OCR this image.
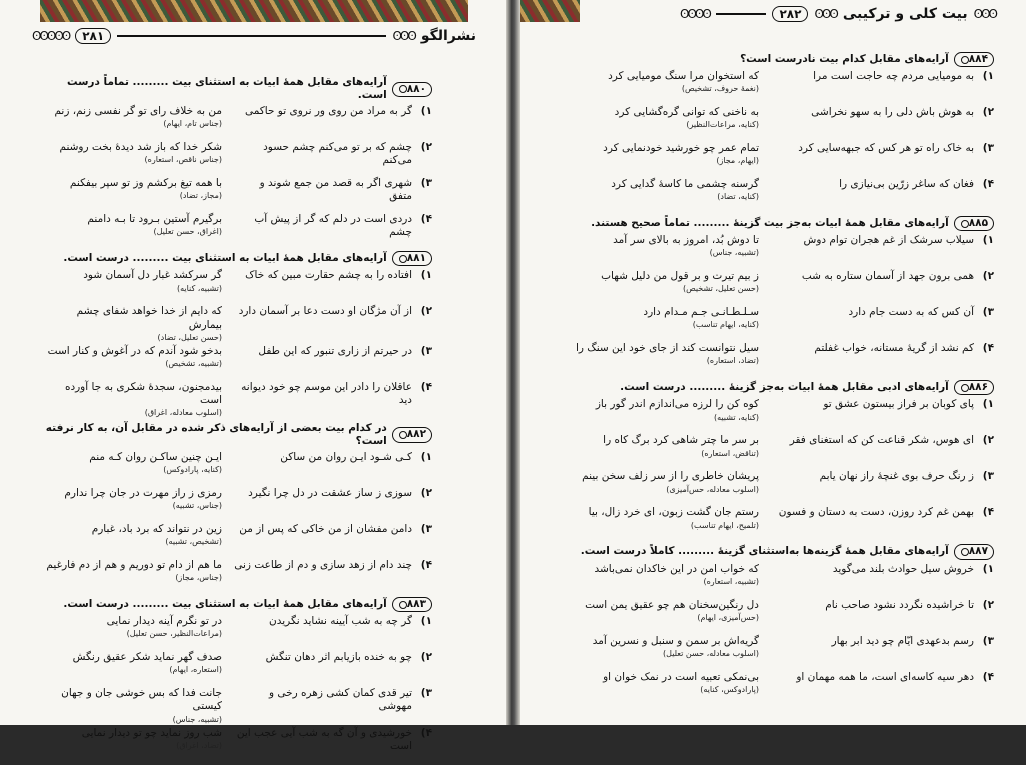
نشرالگو
ʘʘʘ
۲۸۱
ʘʘʘʘʘ
۸۸۰
آرایه‌های مقابل همهٔ ابیات به استثنای بیت ......... تماماً درست است.
۱)
گر به مراد من روی ور نروی تو حاکمی
من به خلاف رای تو گر نفسی زنم، زنم
(جناس تام، ایهام)
۲)
چشم که بر تو می‌کنم چشم حسود می‌کنم
شکر خدا که باز شد دیدهٔ بخت روشنم
(جناس ناقص، استعاره)
۳)
شهری اگر به قصد من جمع شوند و متفق
با همه تیغ برکشم وز تو سپر بیفکنم
(مجاز، تضاد)
۴)
دردی است در دلم که گر از پیش آب چشم
برگیرم آستین بـرود تا بـه دامنم
(اغراق، حسن تعلیل)
۸۸۱
آرایه‌های مقابل همهٔ ابیات به استثنای بیت ......... درست است.
۱)
افتاده را به چشم حقارت مبین که خاک
گر سرکشد غبار دل آسمان شود
(تشبیه، کنایه)
۲)
از آن مژگان او دست دعا بر آسمان دارد
که دایم از خدا خواهد شفای چشم بیمارش
(حسن تعلیل، تضاد)
۳)
در حیرتم از زاری تنبور که این طفل
بدخو شود آندم که در آغوش و کنار است
(تشبیه، تشخیص)
۴)
عاقلان را دادر این موسم چو خود دیوانه دید
بیدمجنون، سجدهٔ شکری به جا آورده است
(اسلوب معادله، اغراق)
۸۸۲
در کدام بیت بعضی از آرایه‌های ذکر شده در مقابل آن، به کار نرفته است؟
۱)
کـی شـود ایـن روان من ساکن
ایـن چنین ساکـن روان کـه منم
(کنایه، پارادوکس)
۲)
سوزی ز ساز عشقت در دل چرا نگیرد
رمزی ز راز مهرت در جان چرا ندارم
(جناس، تشبیه)
۳)
دامن مفشان از من خاکی که پس از من
زین در نتواند که برد باد، غبارم
(تشخیص، تشبیه)
۴)
چند دام از زهد سازی و دم از طاعت زنی
ما هم از دام تو دوریم و هم از دم فارغیم
(جناس، مجاز)
۸۸۳
آرایه‌های مقابل همهٔ ابیات به استثنای بیت ......... درست است.
۱)
گر چه به شب آیینه نشاید نگریدن
در تو نگرم آینه دیدار نمایی
(مراعات‌النظیر، حسن تعلیل)
۲)
چو به خنده بازیابم اثر دهان تنگش
صدف گهر نماید شکر عقیق رنگش
(استعاره، ایهام)
۳)
تیر قدی کمان کشی زهره رخی و مهوشی
جانت فدا که بس خوشی جان و جهان کیستی
(تشبیه، جناس)
۴)
خورشیدی و آن گه به شب آیی عجب این است
شب روز نماید چو تو دیدار نمایی
(تضاد، اغراق)
ʘʘʘ
بیت کلی و ترکیبی
ʘʘʘ
۲۸۲
ʘʘʘʘ
۸۸۴
آرایه‌های مقابل کدام بیت نادرست است؟
۱)
به مومیایی مردم چه حاجت است مرا
که استخوان مرا سنگ مومیایی کرد
(نغمهٔ حروف، تشخیص)
۲)
به هوش باش دلی را به سهو نخراشی
به ناخنی که توانی گره‌گشایی کرد
(کنایه، مراعات‌النظیر)
۳)
به خاک راه تو هر کس که جبهه‌سایی کرد
تمام عمر چو خورشید خودنمایی کرد
(ایهام، مجاز)
۴)
فغان که ساغر زرّین بی‌نیازی را
گرسنه چشمی ما کاسهٔ گدایی کرد
(کنایه، تضاد)
۸۸۵
آرایه‌های مقابل همهٔ ابیات به‌جز بیت گزینهٔ ......... تماماً صحیح هستند.
۱)
سیلاب سرشک از غم هجران توام دوش
تا دوش بُد، امروز به بالای سر آمد
(تشبیه، جناس)
۲)
همی برون جهد از آسمان ستاره به شب
ز بیم تیرت و بر قول من دلیل شهاب
(حسن تعلیل، تشخیص)
۳)
آن کس که به دست جام دارد
سـلـطـانـی جـم مـدام دارد
(کنایه، ایهام تناسب)
۴)
کم نشد از گریهٔ مستانه، خواب غفلتم
سیل نتوانست کند از جای خود این سنگ را
(تضاد، استعاره)
۸۸۶
آرایه‌های ادبی مقابل همهٔ ابیات به‌جز گزینهٔ ......... درست است.
۱)
پای کوبان بر فراز بیستون عشق تو
کوه کن را لرزه می‌اندازم اندر گور باز
(کنایه، تشبیه)
۲)
ای هوس، شکر قناعت کن که استغنای فقر
بر سر ما چتر شاهی کرد برگ کاه را
(تناقض، استعاره)
۳)
ز رنگ حرف بوی غنچهٔ راز نهان یابم
پریشان خاطری را از سر زلف سخن بینم
(اسلوب معادله، حس‌آمیزی)
۴)
بهمن غم کرد روزن، دست به دستان و فسون
رستم جان گشت زبون، ای خرد زال، بیا
(تلمیح، ایهام تناسب)
۸۸۷
آرایه‌های مقابل همهٔ گزینه‌ها به‌استثنای گزینهٔ ......... کاملاً درست است.
۱)
خروش سیل حوادث بلند می‌گوید
که خواب امن در این خاکدان نمی‌باشد
(تشبیه، استعاره)
۲)
تا خراشیده نگردد نشود صاحب نام
دل رنگین‌سخنان هم چو عقیق یمن است
(حس‌آمیزی، ایهام)
۳)
رسم بدعهدی ایّام چو دید ابر بهار
گریه‌اش بر سمن و سنبل و نسرین آمد
(اسلوب معادله، حسن تعلیل)
۴)
دهر سیه کاسه‌ای است، ما همه مهمان او
بی‌نمکی تعبیه است در نمک خوان او
(پارادوکس، کنایه)
